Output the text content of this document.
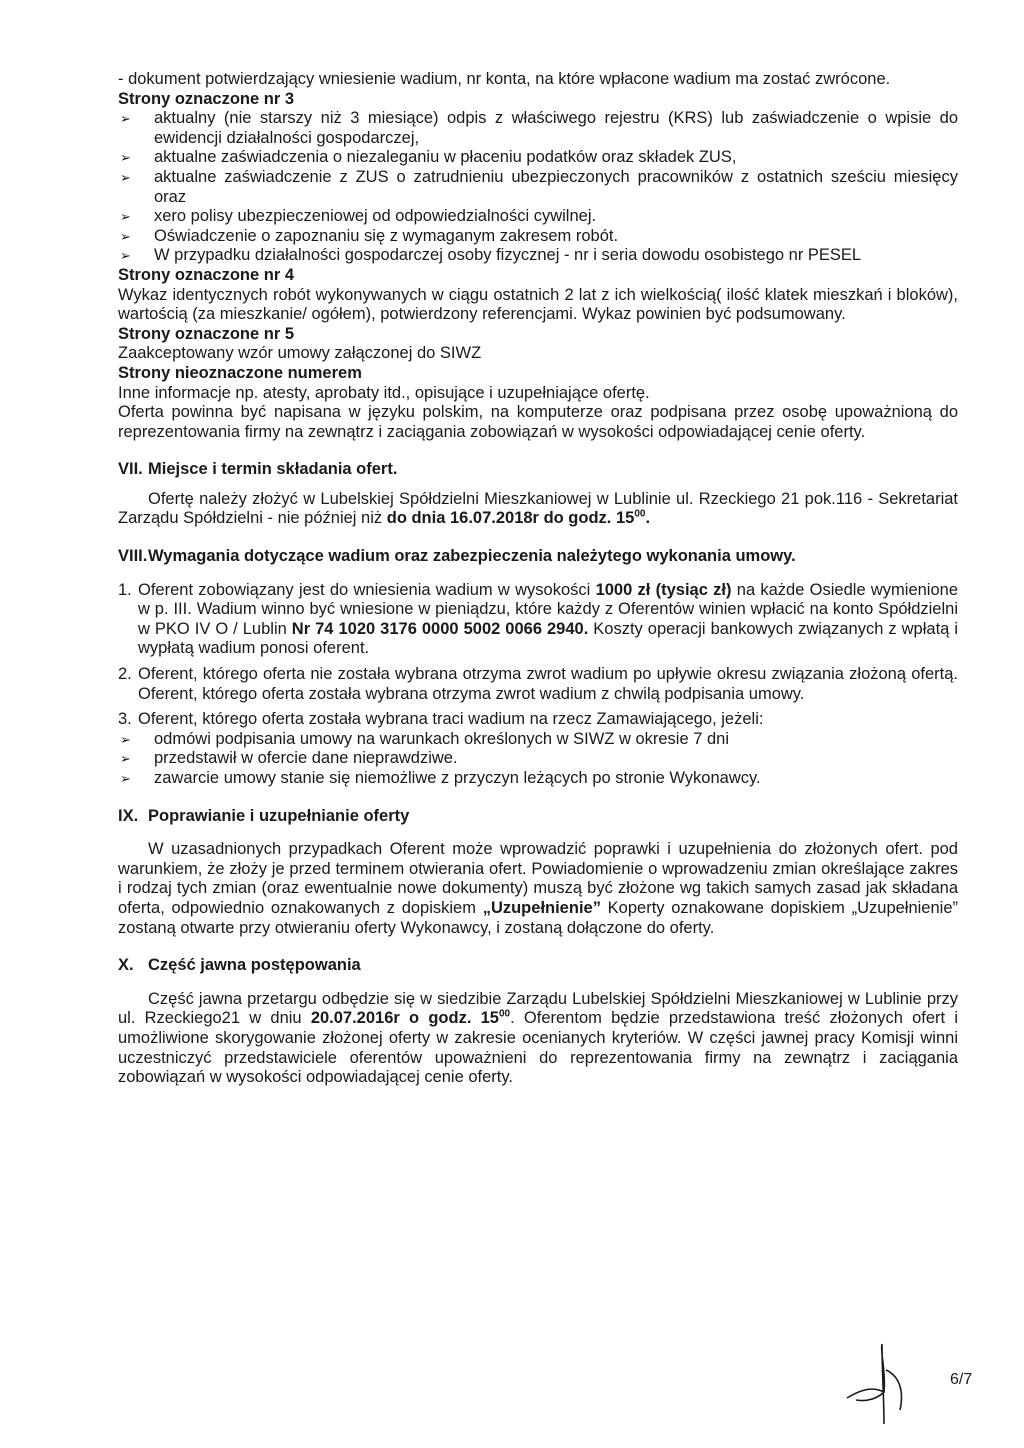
- dokument potwierdzający wniesienie wadium, nr konta, na które wpłacone wadium ma zostać zwrócone.

Strony oznaczone nr 3

➢ aktualny (nie starszy niż 3 miesiące) odpis z właściwego rejestru (KRS) lub zaświadczenie o wpisie do ewidencji działalności gospodarczej,

➢ aktualne zaświadczenia o niezaleganiu w płaceniu podatków oraz składek ZUS,

➢ aktualne zaświadczenie z ZUS o zatrudnieniu ubezpieczonych pracowników z ostatnich sześciu miesięcy oraz

➢ xero polisy ubezpieczeniowej od odpowiedzialności cywilnej.

➢ Oświadczenie o zapoznaniu się z wymaganym zakresem robót.

➢ W przypadku działalności gospodarczej osoby fizycznej - nr i seria dowodu osobistego nr PESEL

Strony oznaczone nr 4

Wykaz identycznych robót wykonywanych w ciągu ostatnich 2 lat z ich wielkością( ilość klatek mieszkań i bloków), wartością (za mieszkanie/ ogółem), potwierdzony referencjami. Wykaz powinien być podsumowany.

Strony oznaczone nr 5

Zaakceptowany wzór umowy załączonej do SIWZ

Strony nieoznaczone numerem

Inne informacje np. atesty, aprobaty itd., opisujące i uzupełniające ofertę.

Oferta powinna być napisana w języku polskim, na komputerze oraz podpisana przez osobę upoważnioną do reprezentowania firmy na zewnątrz i zaciągania zobowiązań w wysokości odpowiadającej cenie oferty.

VII. Miejsce i termin składania ofert.

Ofertę należy złożyć w Lubelskiej Spółdzielni Mieszkaniowej w Lublinie ul. Rzeckiego 21 pok.116 - Sekretariat Zarządu Spółdzielni - nie później niż do dnia 16.07.2018r do godz. $15^{00}$.

VIII. Wymagania dotyczące wadium oraz zabezpieczenia należytego wykonania umowy.

1. Oferent zobowiązany jest do wniesienia wadium w wysokości 1000 zł (tysiąc zł) na każde Osiedle wymienione w p. III. Wadium winno być wniesione w pieniądzu, które każdy z Oferentów winien wpłacić na konto Spółdzielni w PKO IV O / Lublin Nr 74 1020 3176 0000 5002 0066 2940. Koszty operacji bankowych związanych z wpłatą i wypłatą wadium ponosi oferent.

2. Oferent, którego oferta nie została wybrana otrzyma zwrot wadium po upływie okresu związania złożoną ofertą. Oferent, którego oferta została wybrana otrzyma zwrot wadium z chwilą podpisania umowy.

3. Oferent, którego oferta została wybrana traci wadium na rzecz Zamawiającego, jeżeli:

➢ odmówi podpisania umowy na warunkach określonych w SIWZ w okresie 7 dni

➢ przedstawił w ofercie dane nieprawdziwe.

➢ zawarcie umowy stanie się niemożliwe z przyczyn leżących po stronie Wykonawcy.

IX. Poprawianie i uzupełnianie oferty

W uzasadnionych przypadkach Oferent może wprowadzić poprawki i uzupełnienia do złożonych ofert. pod warunkiem, że złoży je przed terminem otwierania ofert. Powiadomienie o wprowadzeniu zmian określające zakres i rodzaj tych zmian (oraz ewentualnie nowe dokumenty) muszą być złożone wg takich samych zasad jak składana oferta, odpowiednio oznakowanych z dopiskiem „Uzupełnienie” Koperty oznakowane dopiskiem „Uzupełnienie” zostaną otwarte przy otwieraniu oferty Wykonawcy, i zostaną dołączone do oferty.

X. Część jawna postępowania

Część jawna przetargu odbędzie się w siedzibie Zarządu Lubelskiej Spółdzielni Mieszkaniowej w Lublinie przy ul. Rzeckiego21 w dniu 20.07.2016r o godz. $15^{00}$. Oferentom będzie przedstawiona treść złożonych ofert i umożliwione skorygowanie złożonej oferty w zakresie ocenianych kryteriów. W części jawnej pracy Komisji winni uczestniczyć przedstawiciele oferentów upoważnieni do reprezentowania firmy na zewnątrz i zaciągania zobowiązań w wysokości odpowiadającej cenie oferty.

6/7
